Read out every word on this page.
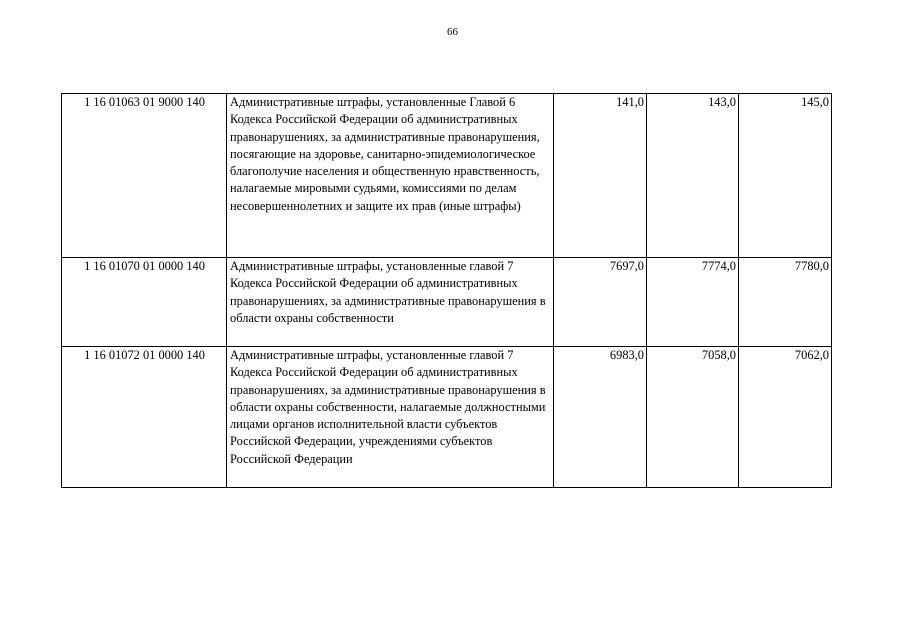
66
1 16 01063 01 9000 140	Административные штрафы, установленные Главой 6 Кодекса Российской Федерации об административных правонарушениях, за административные правонарушения, посягающие на здоровье, санитарно-эпидемиологическое благополучие населения и общественную нравственность, налагаемые мировыми судьями, комиссиями по делам несовершеннолетних и защите их прав (иные штрафы)	141,0	143,0	145,0
1 16 01070 01 0000 140	Административные штрафы, установленные главой 7 Кодекса Российской Федерации об административных правонарушениях, за административные правонарушения в области охраны собственности	7697,0	7774,0	7780,0
1 16 01072 01 0000 140	Административные штрафы, установленные главой 7 Кодекса Российской Федерации об административных правонарушениях, за административные правонарушения в области охраны собственности, налагаемые должностными лицами органов исполнительной власти субъектов Российской Федерации, учреждениями субъектов Российской Федерации	6983,0	7058,0	7062,0
